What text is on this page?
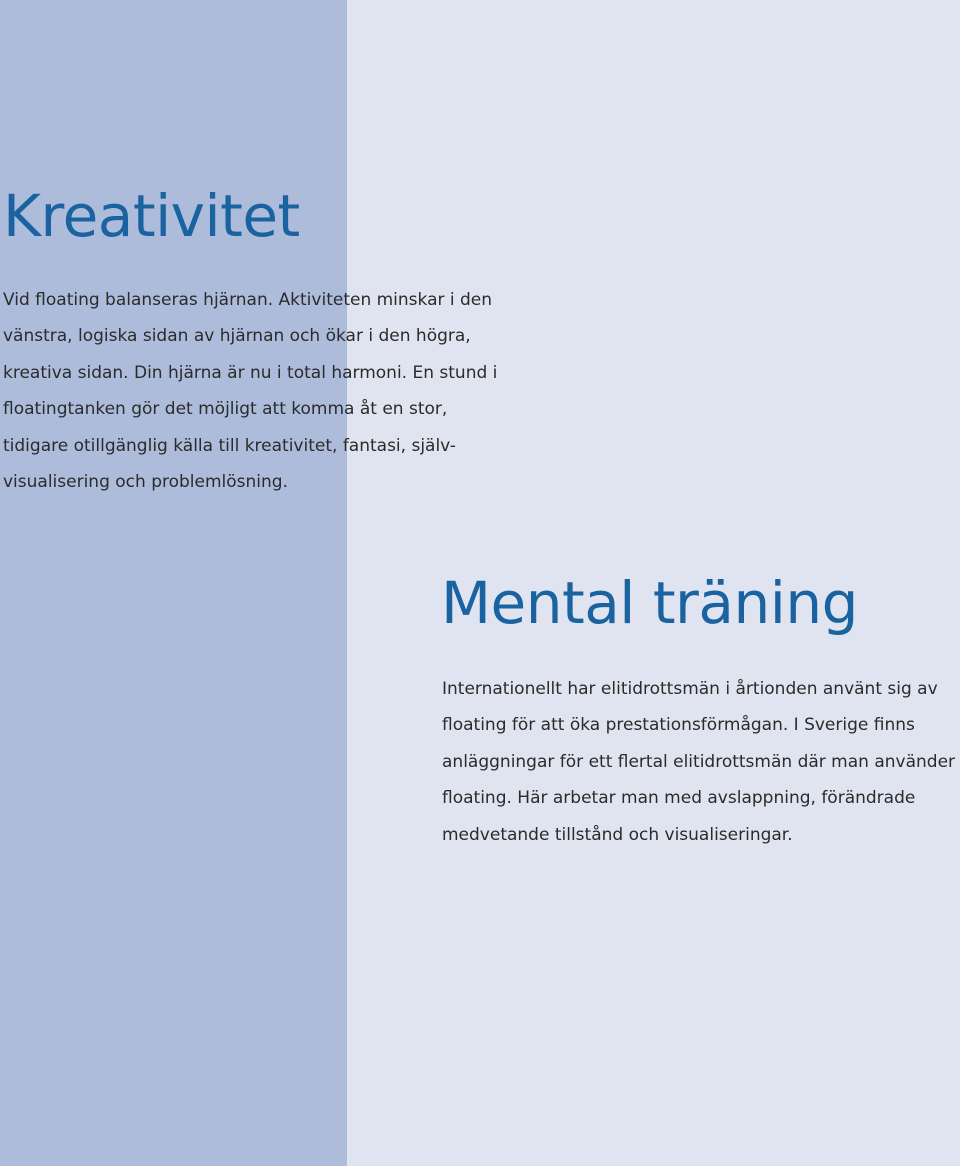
Kreativitet
Vid floating balanseras hjärnan. Aktiviteten minskar i den
vänstra, logiska sidan av hjärnan och ökar i den högra,
kreativa sidan. Din hjärna är nu i total harmoni. En stund i
floatingtanken gör det möjligt att komma åt en stor,
tidigare otillgänglig källa till kreativitet, fantasi, själv-
visualisering och problemlösning.
Mental träning
Internationellt har elitidrottsmän i årtionden använt sig av
floating för att öka prestationsförmågan. I Sverige finns
anläggningar för ett flertal elitidrottsmän där man använder
floating. Här arbetar man med avslappning, förändrade
medvetande tillstånd och visualiseringar.
